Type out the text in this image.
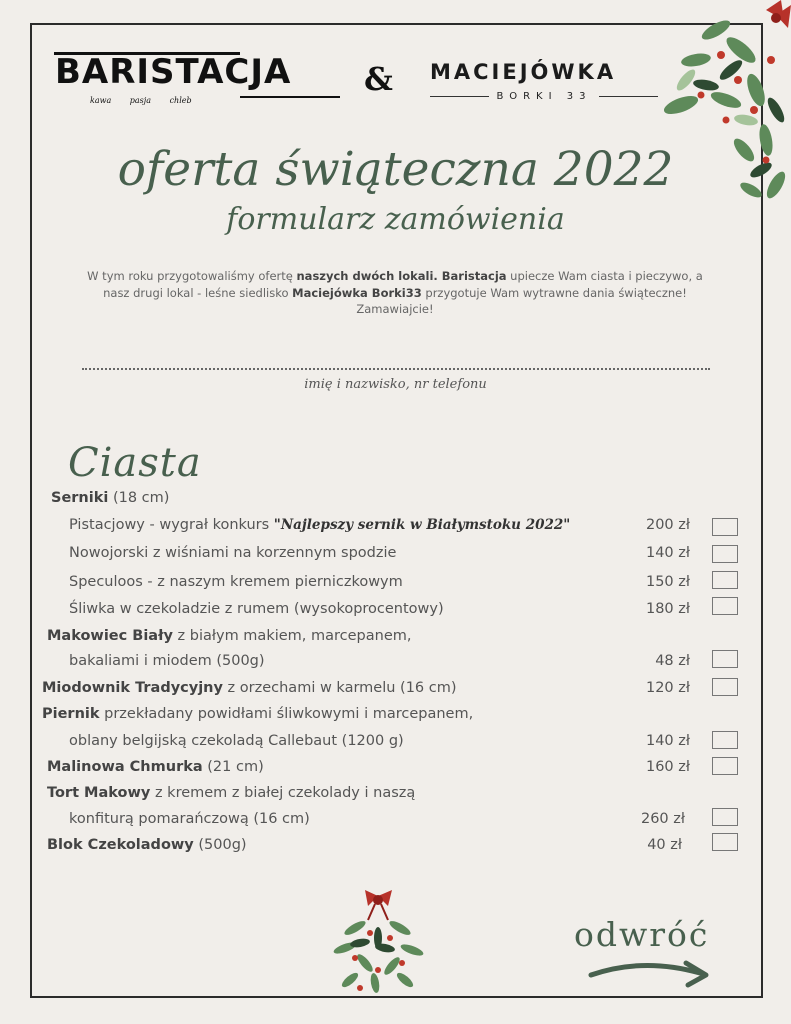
BARISTACJA
kawa pasja chleb
& MACIEJÓWKA
BORKI 33
oferta świąteczna 2022
formularz zamówienia
W tym roku przygotowaliśmy ofertę naszych dwóch lokali. Baristacja upiecze Wam ciasta i pieczywo, a nasz drugi lokal - leśne siedlisko Maciejówka Borki33 przygotuje Wam wytrawne dania świąteczne! Zamawiajcie!
imię i nazwisko, nr telefonu
Ciasta
Serniki (18 cm)
Pistacjowy - wygrał konkurs "Najlepszy sernik w Białymstoku 2022"	200 zł
Nowojorski z wiśniami na korzennym spodzie	140 zł
Speculoos - z naszym kremem pierniczkowym	150 zł
Śliwka w czekoladzie z rumem (wysokoprocentowy)	180 zł
Makowiec Biały z białym makiem, marcepanem,
bakaliami i miodem (500g)	48 zł
Miodownik Tradycyjny z orzechami w karmelu (16 cm)	120 zł
Piernik przekładany powidłami śliwkowymi i marcepanem,
oblany belgijską czekoladą Callebaut (1200 g)	140 zł
Malinowa Chmurka (21 cm)	160 zł
Tort Makowy z kremem z białej czekolady i naszą
konfiturą pomarańczową (16 cm)	260 zł
Blok Czekoladowy (500g)	40 zł
odwróć
